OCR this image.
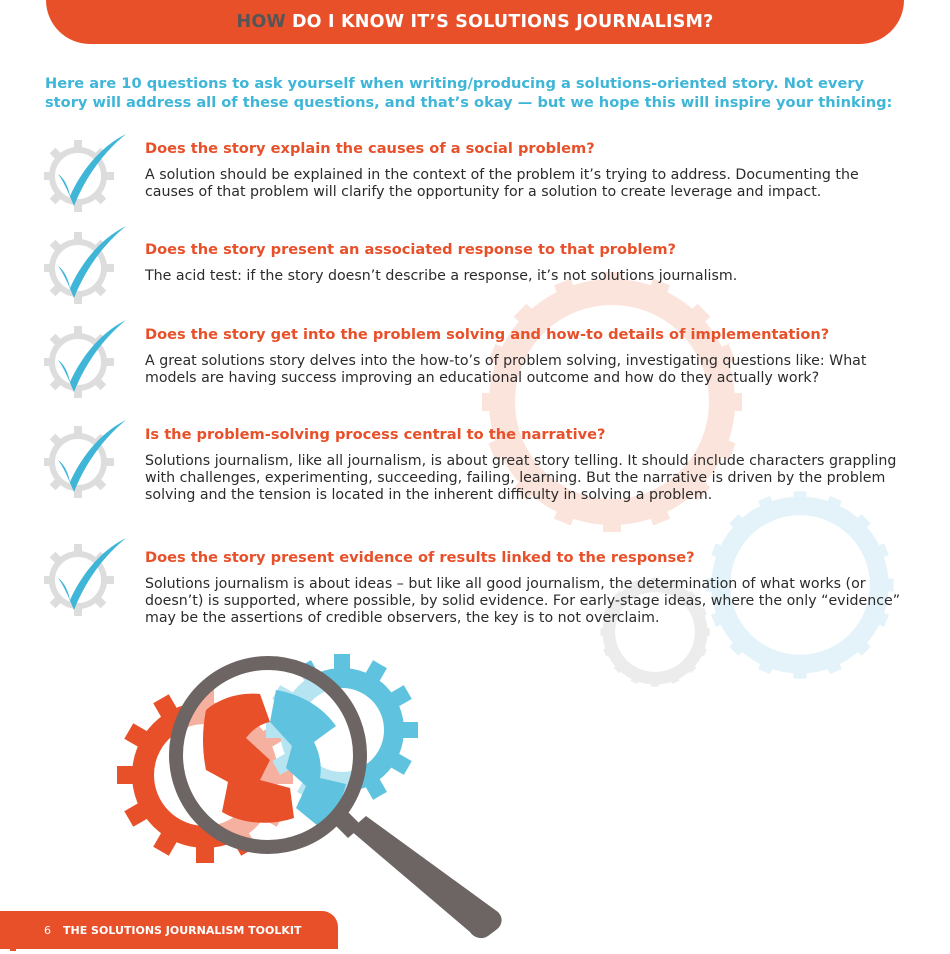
HOW DO I KNOW IT’S SOLUTIONS JOURNALISM?
Here are 10 questions to ask yourself when writing/producing a solutions-oriented story. Not every story will address all of these questions, and that’s okay — but we hope this will inspire your thinking:

Does the story explain the causes of a social problem?

A solution should be explained in the context of the problem it’s trying to address. Documenting the causes of that problem will clarify the opportunity for a solution to create leverage and impact.

Does the story present an associated response to that problem?

The acid test: if the story doesn’t describe a response, it’s not solutions journalism.

Does the story get into the problem solving and how-to details of implementation?

A great solutions story delves into the how-to’s of problem solving, investigating questions like: What models are having success improving an educational outcome and how do they actually work?

Is the problem-solving process central to the narrative?

Solutions journalism, like all journalism, is about great story telling. It should include characters grappling with challenges, experimenting, succeeding, failing, learning. But the narrative is driven by the problem solving and the tension is located in the inherent difficulty in solving a problem.

Does the story present evidence of results linked to the response?

Solutions journalism is about ideas – but like all good journalism, the determination of what works (or doesn’t) is supported, where possible, by solid evidence. For early-stage ideas, where the only “evidence” may be the assertions of credible observers, the key is to not overclaim.

6 THE SOLUTIONS JOURNALISM TOOLKIT
